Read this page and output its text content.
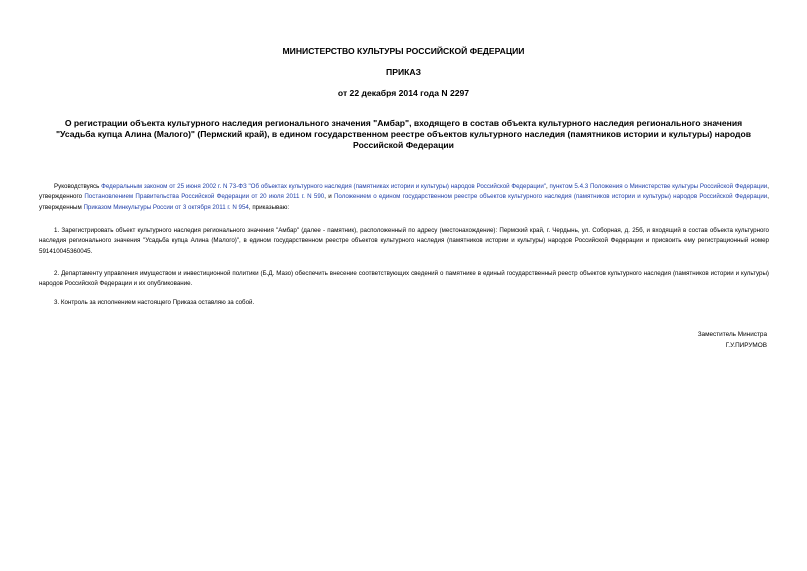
МИНИСТЕРСТВО КУЛЬТУРЫ РОССИЙСКОЙ ФЕДЕРАЦИИ
ПРИКАЗ
от 22 декабря 2014 года N 2297
О регистрации объекта культурного наследия регионального значения "Амбар", входящего в состав объекта культурного наследия регионального значения "Усадьба купца Алина (Малого)" (Пермский край), в едином государственном реестре объектов культурного наследия (памятников истории и культуры) народов Российской Федерации
Руководствуясь Федеральным законом от 25 июня 2002 г. N 73-ФЗ "Об объектах культурного наследия (памятниках истории и культуры) народов Российской Федерации", пунктом 5.4.3 Положения о Министерстве культуры Российской Федерации, утвержденного Постановлением Правительства Российской Федерации от 20 июля 2011 г. N 590, и Положением о едином государственном реестре объектов культурного наследия (памятников истории и культуры) народов Российской Федерации, утвержденным Приказом Минкультуры России от 3 октября 2011 г. N 954, приказываю:
1. Зарегистрировать объект культурного наследия регионального значения "Амбар" (далее - памятник), расположенный по адресу (местонахождение): Пермский край, г. Чердынь, ул. Соборная, д. 25б, и входящий в состав объекта культурного наследия регионального значения "Усадьба купца Алина (Малого)", в едином государственном реестре объектов культурного наследия (памятников истории и культуры) народов Российской Федерации и присвоить ему регистрационный номер 591410045360045.
2. Департаменту управления имуществом и инвестиционной политики (Б.Д. Мазо) обеспечить внесение соответствующих сведений о памятнике в единый государственный реестр объектов культурного наследия (памятников истории и культуры) народов Российской Федерации и их опубликование.
3. Контроль за исполнением настоящего Приказа оставляю за собой.
Заместитель Министра
Г.У.ПИРУМОВ
